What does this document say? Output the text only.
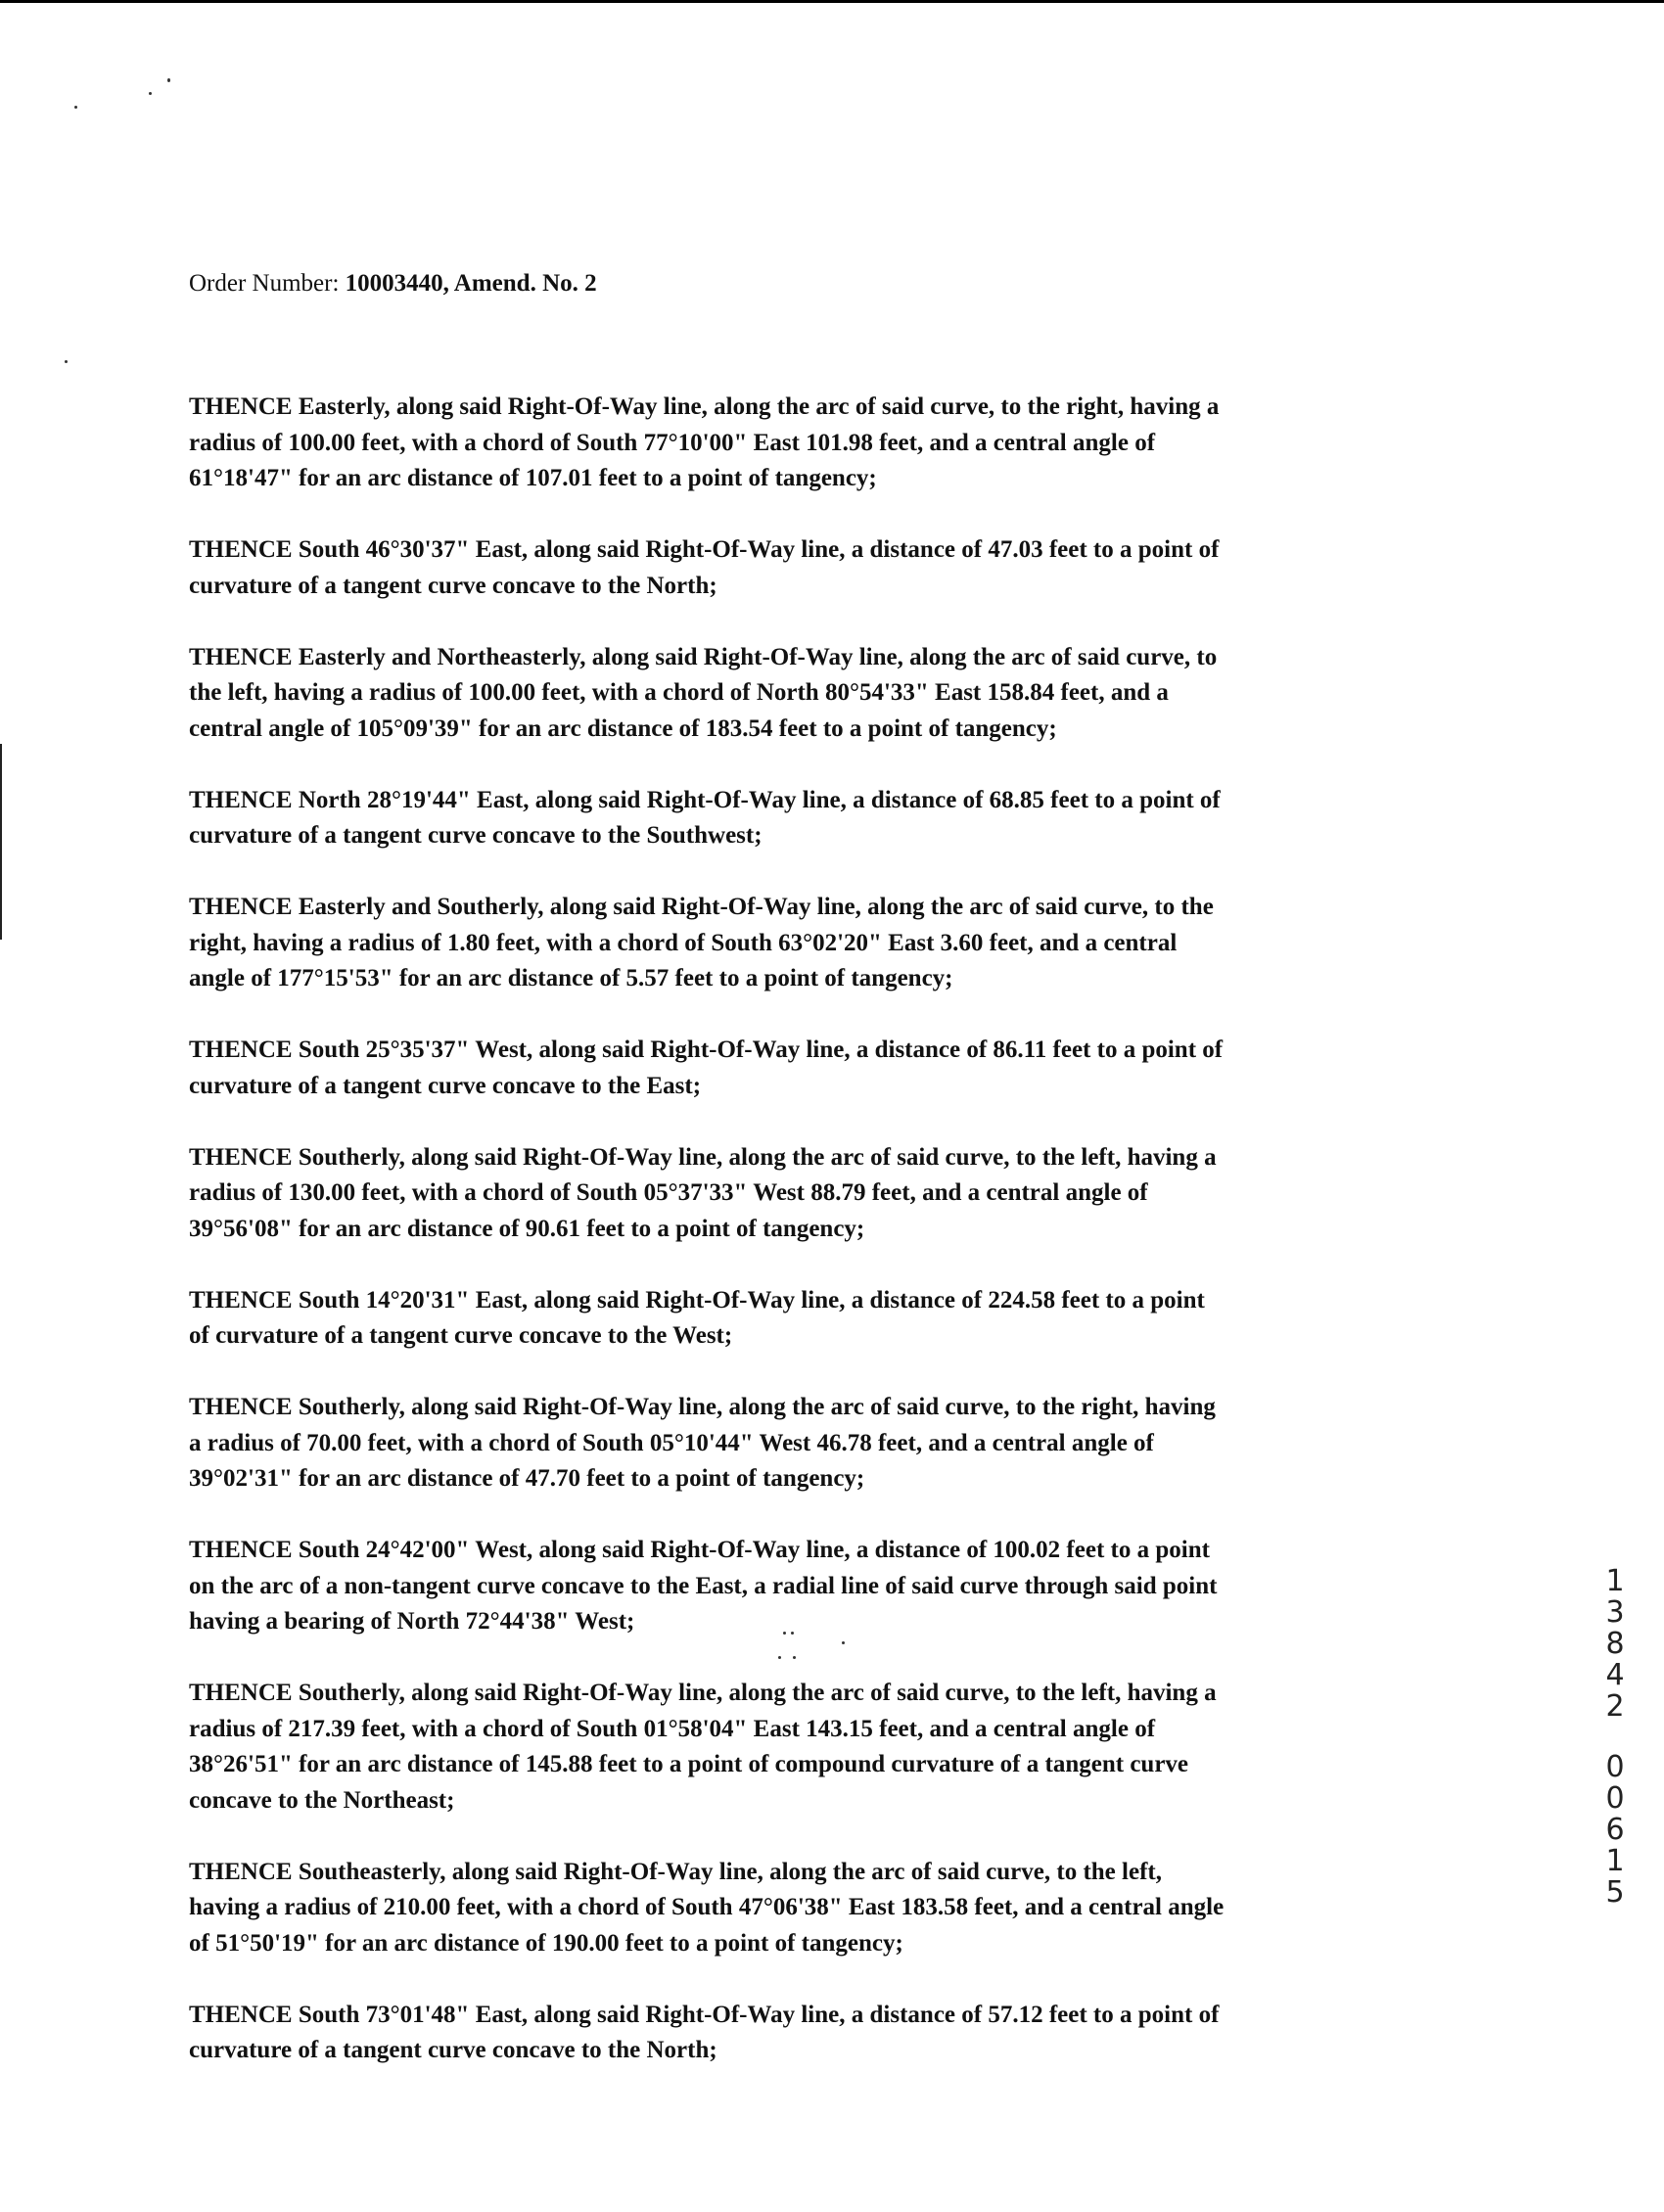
Order Number: 10003440, Amend. No. 2
THENCE Easterly, along said Right-Of-Way line, along the arc of said curve, to the right, having a
radius of 100.00 feet, with a chord of South 77°10'00" East 101.98 feet, and a central angle of
61°18'47" for an arc distance of 107.01 feet to a point of tangency;
THENCE South 46°30'37" East, along said Right-Of-Way line, a distance of 47.03 feet to a point of
curvature of a tangent curve concave to the North;
THENCE Easterly and Northeasterly, along said Right-Of-Way line, along the arc of said curve, to
the left, having a radius of 100.00 feet, with a chord of North 80°54'33" East 158.84 feet, and a
central angle of 105°09'39" for an arc distance of 183.54 feet to a point of tangency;
THENCE North 28°19'44" East, along said Right-Of-Way line, a distance of 68.85 feet to a point of
curvature of a tangent curve concave to the Southwest;
THENCE Easterly and Southerly, along said Right-Of-Way line, along the arc of said curve, to the
right, having a radius of 1.80 feet, with a chord of South 63°02'20" East 3.60 feet, and a central
angle of 177°15'53" for an arc distance of 5.57 feet to a point of tangency;
THENCE South 25°35'37" West, along said Right-Of-Way line, a distance of 86.11 feet to a point of
curvature of a tangent curve concave to the East;
THENCE Southerly, along said Right-Of-Way line, along the arc of said curve, to the left, having a
radius of 130.00 feet, with a chord of South 05°37'33" West 88.79 feet, and a central angle of
39°56'08" for an arc distance of 90.61 feet to a point of tangency;
THENCE South 14°20'31" East, along said Right-Of-Way line, a distance of 224.58 feet to a point
of curvature of a tangent curve concave to the West;
THENCE Southerly, along said Right-Of-Way line, along the arc of said curve, to the right, having
a radius of 70.00 feet, with a chord of South 05°10'44" West 46.78 feet, and a central angle of
39°02'31" for an arc distance of 47.70 feet to a point of tangency;
THENCE South 24°42'00" West, along said Right-Of-Way line, a distance of 100.02 feet to a point
on the arc of a non-tangent curve concave to the East, a radial line of said curve through said point
having a bearing of North 72°44'38" West;
THENCE Southerly, along said Right-Of-Way line, along the arc of said curve, to the left, having a
radius of 217.39 feet, with a chord of South 01°58'04" East 143.15 feet, and a central angle of
38°26'51" for an arc distance of 145.88 feet to a point of compound curvature of a tangent curve
concave to the Northeast;
THENCE Southeasterly, along said Right-Of-Way line, along the arc of said curve, to the left,
having a radius of 210.00 feet, with a chord of South 47°06'38" East 183.58 feet, and a central angle
of 51°50'19" for an arc distance of 190.00 feet to a point of tangency;
THENCE South 73°01'48" East, along said Right-Of-Way line, a distance of 57.12 feet to a point of
curvature of a tangent curve concave to the North;
1
3
8
4
2
0
0
6
1
5
